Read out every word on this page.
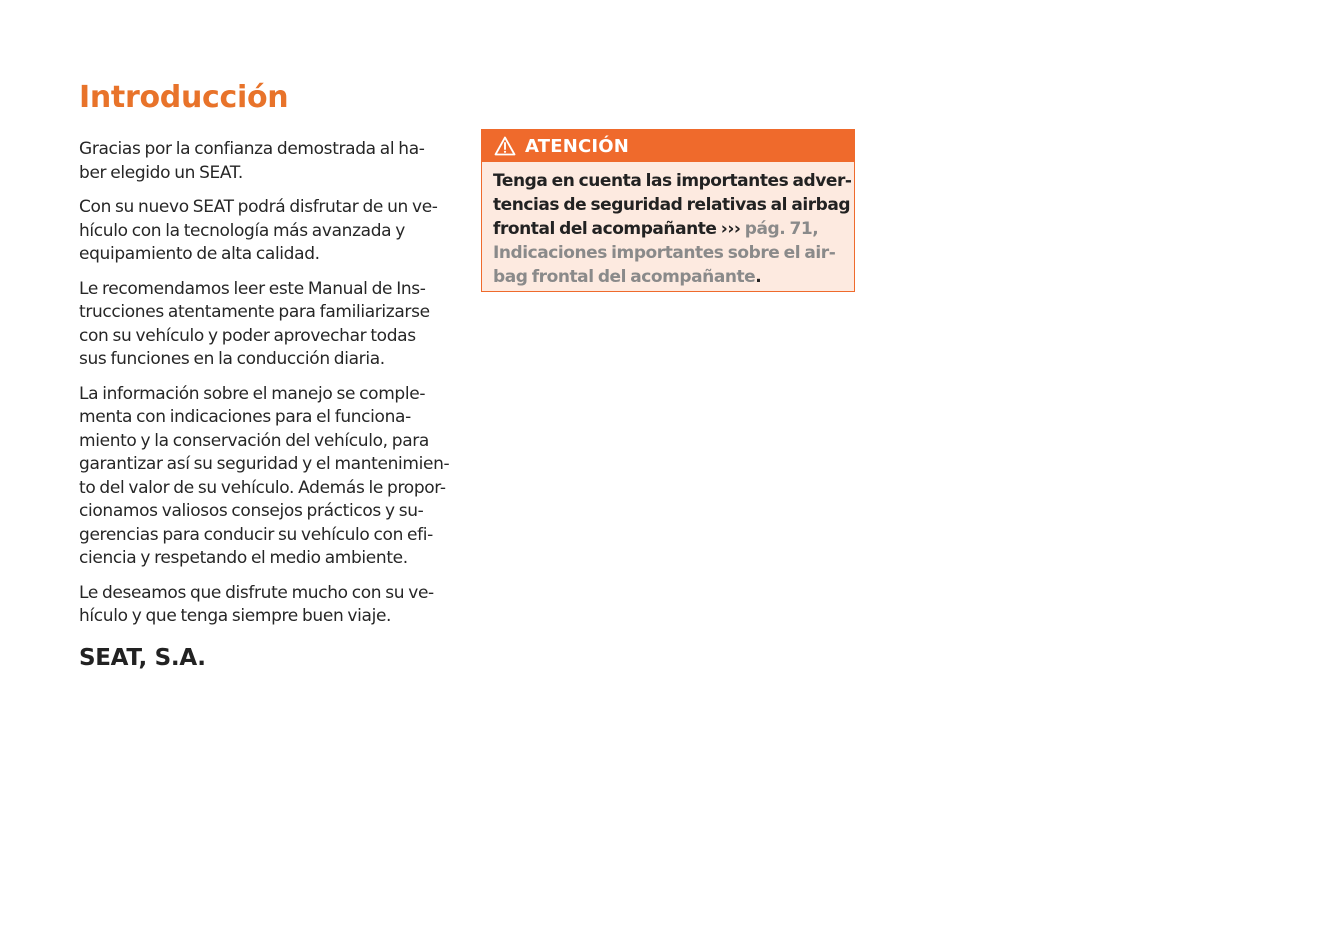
Introducción

Gracias por la confianza demostrada al ha-
ber elegido un SEAT.

Con su nuevo SEAT podrá disfrutar de un ve-
hículo con la tecnología más avanzada y
equipamiento de alta calidad.

Le recomendamos leer este Manual de Ins-
trucciones atentamente para familiarizarse
con su vehículo y poder aprovechar todas
sus funciones en la conducción diaria.

La información sobre el manejo se comple-
menta con indicaciones para el funciona-
miento y la conservación del vehículo, para
garantizar así su seguridad y el mantenimien-
to del valor de su vehículo. Además le propor-
cionamos valiosos consejos prácticos y su-
gerencias para conducir su vehículo con efi-
ciencia y respetando el medio ambiente.

Le deseamos que disfrute mucho con su ve-
hículo y que tenga siempre buen viaje.

SEAT, S.A.
ATENCIÓN
Tenga en cuenta las importantes adver-
tencias de seguridad relativas al airbag
frontal del acompañante ››› pág. 71,
Indicaciones importantes sobre el air-
bag frontal del acompañante.
